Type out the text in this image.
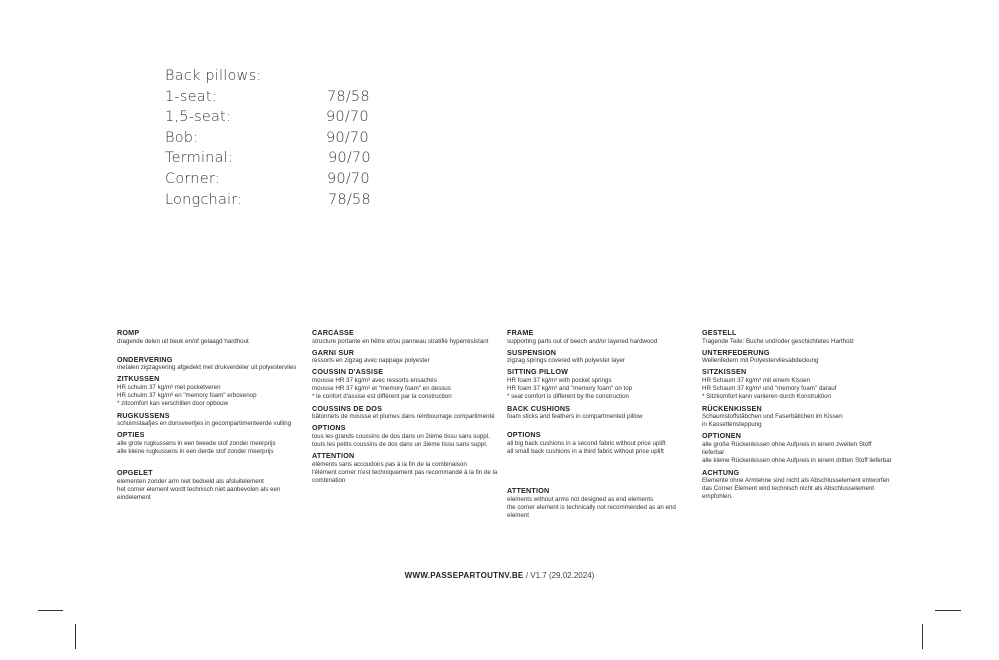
Back pillows:
1-seat:	78/58
1,5-seat:	90/70
Bob:	90/70
Terminal:	90/70
Corner:	90/70
Longchair:	78/58
ROMP
dragende delen uit beuk en/of gelaagd hardhout
ONDERVERING
metalen zigzagvering afgedekt met drukverdeler uit polyestervlies
ZITKUSSEN
HR schuim 37 kg/m³ met pocketveren
HR schuim 37 kg/m³ en "memory foam" erbovenop
* zitcomfort kan verschillen door opbouw
RUGKUSSENS
schuimstaafjes en donsveertjes in gecompartimenteerde vulling
OPTIES
alle grote rugkussens in een tweede stof zonder meerprijs
alle kleine rugkussens in een derde stof zonder meerprijs
OPGELET
elementen zonder arm niet bedoeld als afsluitelement
het corner element wordt technisch niet aanbevolen als een eindelement
CARCASSE
structure portante en hêtre et/ou panneau stratifié hyperrésistant
GARNI SUR
ressorts en zigzag avec nappage polyester
COUSSIN D'ASSISE
mousse HR 37 kg/m³ avec ressorts ensachés
mousse HR 37 kg/m³ et "memory foam" en dessus
* le confort d'assise est différent par la construction
COUSSINS DE DOS
bâtonnets de mousse et plumes dans rembourrage compartimenté
OPTIONS
tous les grands coussins de dos dans un 2ième tissu sans suppl.
touts les petits coussins de dos dans un 3ième tissu sans suppl.
ATTENTION
éléments sans accoudoirs pas à la fin de la combinaison
l'élément corner n'est techniquement pas recommandé à la fin de la combination
FRAME
supporting parts out of beech and/or layered hardwood
SUSPENSION
zigzag springs covered with polyester layer
SITTING PILLOW
HR foam 37 kg/m³ with pocket springs
HR foam 37 kg/m³ and "memory foam" on top
* seat comfort is different by the construction
BACK CUSHIONS
foam sticks and feathers in compartmented pillow
OPTIONS
all big back cushions in a second fabric without price uplift
all small back cushions in a third fabric without price uplift
ATTENTION
elements without arms not designed as end elements
the corner element is technically not recommended as an end element
GESTELL
Tragende Teile: Buche und/oder geschichtetes Hartholz
UNTERFEDERUNG
Wellenfedern mit Polyestervliesabdeckung
SITZKISSEN
HR Schaum 37 kg/m³ mit einem Kissen
HR Schaum 37 kg/m³ und "memory foam" darauf
* Sitzkomfort kann variieren durch Konstruktion
RÜCKENKISSEN
Schaumstoffstäbchen und Faserbällchen im Kissen
in Kassettensteppung
OPTIONEN
alle große Rückenkissen ohne Aufpreis in einem zweiten Stoff lieferbar
alle kleine Rückenkissen ohne Aufpreis in einem dritten Stoff lieferbar
ACHTUNG
Elemente ohne Armlehne sind nicht als Abschlusselement entworfen
das Corner Element wird technisch nicht als Abschlusselement empfohlen.
WWW.PASSEPARTOUTNV.BE / V1.7 (29.02.2024)
